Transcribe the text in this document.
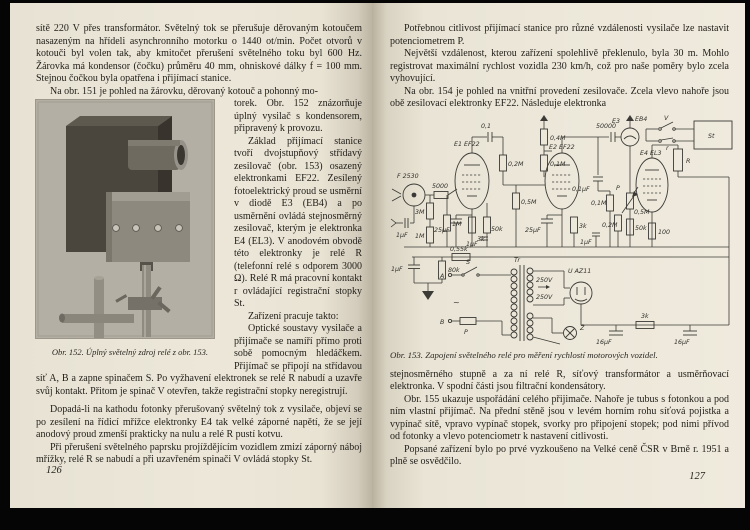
sítě 220 V přes transformátor. Světelný tok se přerušuje děrovaným kotoučem nasazeným na hřídeli asynchronního motorku o 1440 ot/min. Počet otvorů v kotouči byl volen tak, aby kmitočet přerušení světelného toku byl 600 Hz. Žárovka má kondensor (čočku) průměru 40 mm, ohniskové dálky f = 100 mm. Stejnou čočkou byla opatřena i přijímací stanice.
Na obr. 151 je pohled na žárovku, děrovaný kotouč a pohonný mo-
Obr. 152. Úplný světelný zdroj relé z obr. 153.
torek. Obr. 152 znázorňuje úplný vysilač s kondensorem, připravený k provozu.
Základ přijímací stanice tvoří dvojstupňový střídavý zesilovač (obr. 153) osazený elektronkami EF22. Zesílený fotoelektrický proud se usměrní v diodě E3 (EB4) a po usměrnění ovládá stejnosměrný zesilovač, kterým je elektronka E4 (EL3). V anodovém obvodě této elektronky je relé R (telefonní relé s odporem 3000 Ω). Relé R má pracovní kontakt r ovládající registrační stopky St.
Zařízení pracuje takto:
Optické soustavy vysilače a přijímače se namíří přímo proti sobě pomocným hledáčkem. Přijímač se připojí na střídavou síť A, B a zapne spinačem S. Po vyžhavení elektronek se relé R nabudí a uzavře svůj kontakt. Přitom je spinač V otevřen, takže registrační stopky neregistrují.
Dopadá-li na kathodu fotonky přerušovaný světelný tok z vysilače, objeví se po zesílení na řídicí mřížce elektronky E4 tak velké záporné napětí, že se její anodový proud zmenší prakticky na nulu a relé R pustí kotvu.
Při přerušení světelného paprsku projíždějícím vozidlem zmizí záporný náboj mřížky, relé R se nabudí a při uzavřeném spinači V ovládá stopky St.
126
Potřebnou citlivost přijímací stanice pro různé vzdálenosti vysilače lze nastavit potenciometrem P.
Největší vzdálenost, kterou zařízení spolehlivě překlenulo, byla 30 m. Mohlo registrovat maximální rychlost vozidla 230 km/h, což pro naše poměry bylo zcela vyhovující.
Na obr. 154 je pohled na vnitřní provedení zesilovače. Zcela vlevo nahoře jsou obě zesilovací elektronky EF22. Následuje elektronka
F 2530
1μF
5000
3M
1M
1M
E1 EF22
25μF
3k
0,1
0,2M
0,5M
50k
1μF
0,4M
0,1M
E2 EF22
25μF
3k
0,1μF
0,1M
0,2M
1μF
50000
E3 EB4
P
0,5M
50k
E4 EL3
100
R
V
r
St
1μF	80k
0,55k
Tr
A
S
~
B
P
250V
250V
U AZ11
3k
16μF	16μF
Ž
Obr. 153. Zapojení světelného relé pro měření rychlostí motorových vozidel.
stejnosměrného stupně a za ní relé R, síťový transformátor a usměrňovací elektronka. V spodní části jsou filtrační kondensátory.
Obr. 155 ukazuje uspořádání celého přijimače. Nahoře je tubus s fotonkou a pod ním vlastní přijímač. Na přední stěně jsou v levém horním rohu síťová pojistka a vypínač sítě, vpravo vypínač stopek, svorky pro připojení stopek; pod nimi přívod od fotonky a vlevo potenciometr k nastavení citlivosti.
Popsané zařízení bylo po prvé vyzkoušeno na Velké ceně ČSR v Brně r. 1951 a plně se osvědčilo.
127
